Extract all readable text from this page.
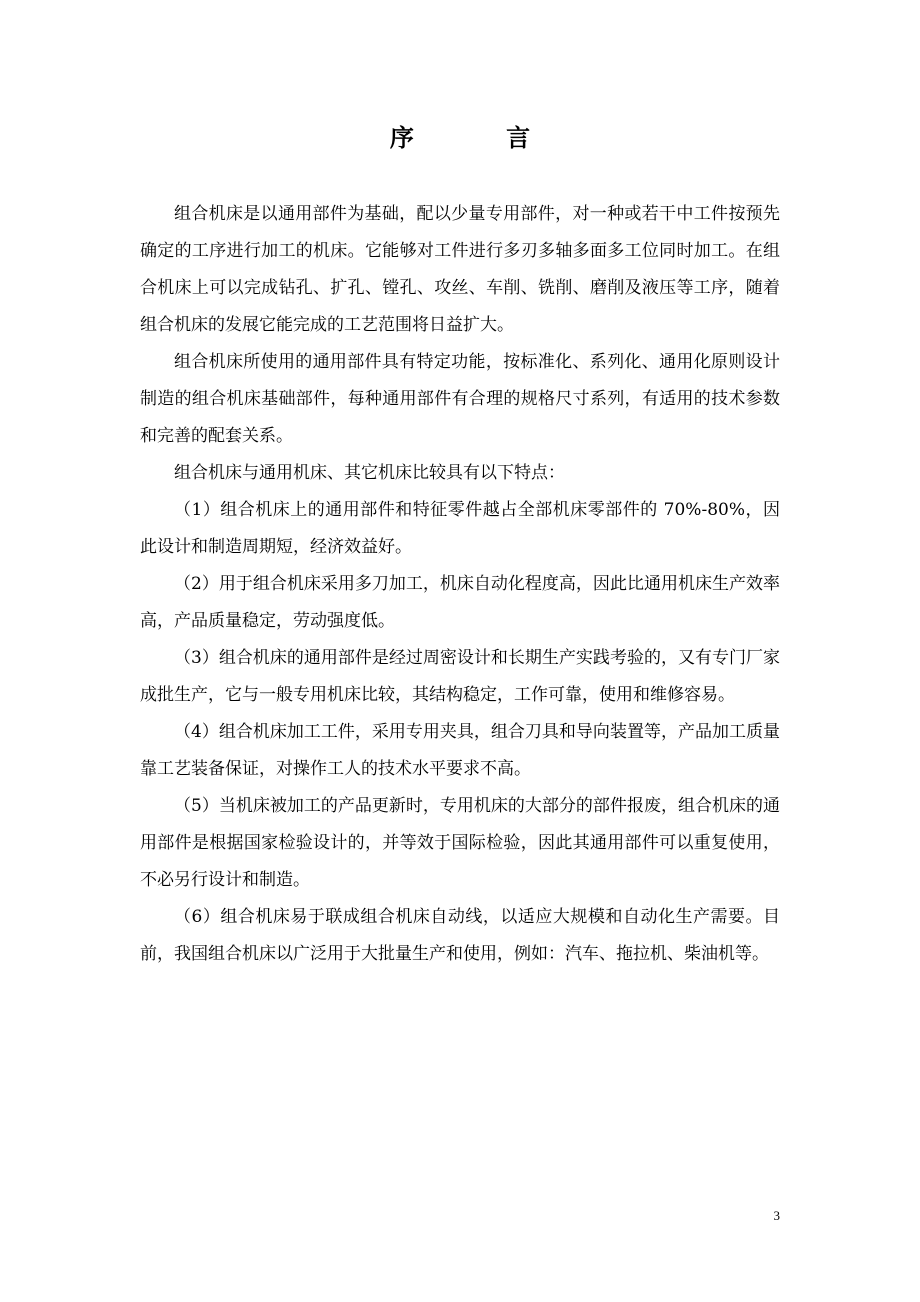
序 言

组合机床是以通用部件为基础，配以少量专用部件，对一种或若干中工件按预先确定的工序进行加工的机床。它能够对工件进行多刃多轴多面多工位同时加工。在组合机床上可以完成钻孔、扩孔、镗孔、攻丝、车削、铣削、磨削及液压等工序，随着组合机床的发展它能完成的工艺范围将日益扩大。

组合机床所使用的通用部件具有特定功能，按标准化、系列化、通用化原则设计制造的组合机床基础部件，每种通用部件有合理的规格尺寸系列，有适用的技术参数和完善的配套关系。

组合机床与通用机床、其它机床比较具有以下特点：

（1）组合机床上的通用部件和特征零件越占全部机床零部件的 70%-80%，因此设计和制造周期短，经济效益好。

（2）用于组合机床采用多刀加工，机床自动化程度高，因此比通用机床生产效率高，产品质量稳定，劳动强度低。

（3）组合机床的通用部件是经过周密设计和长期生产实践考验的，又有专门厂家成批生产，它与一般专用机床比较，其结构稳定，工作可靠，使用和维修容易。

（4）组合机床加工工件，采用专用夹具，组合刀具和导向装置等，产品加工质量靠工艺装备保证，对操作工人的技术水平要求不高。

（5）当机床被加工的产品更新时，专用机床的大部分的部件报废，组合机床的通用部件是根据国家检验设计的，并等效于国际检验，因此其通用部件可以重复使用，不必另行设计和制造。

（6）组合机床易于联成组合机床自动线，以适应大规模和自动化生产需要。目前，我国组合机床以广泛用于大批量生产和使用，例如：汽车、拖拉机、柴油机等。

3
